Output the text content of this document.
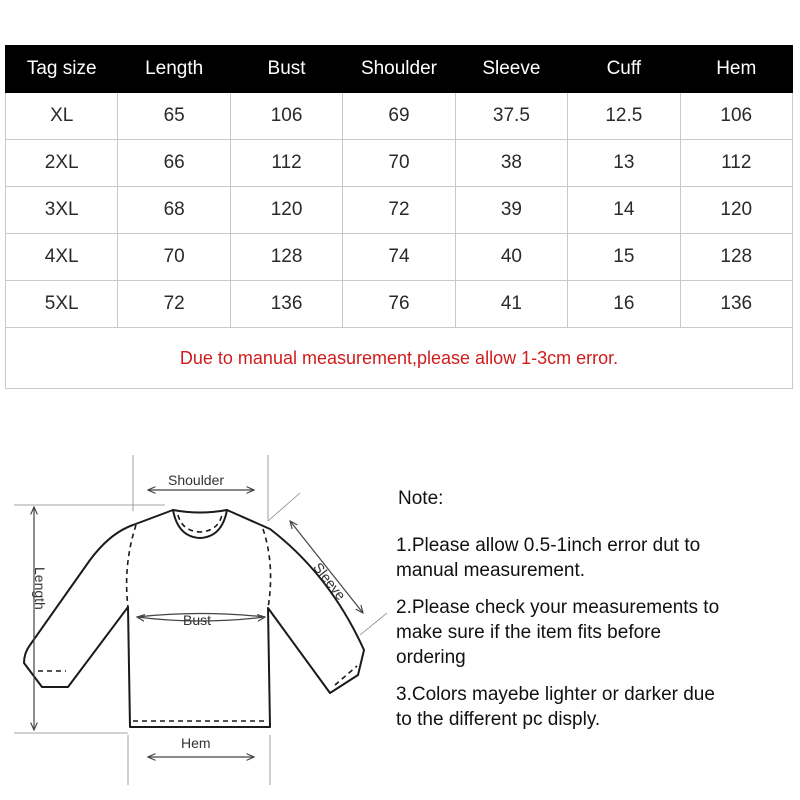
Tag size	Length	Bust	Shoulder	Sleeve	Cuff	Hem
XL	65	106	69	37.5	12.5	106
2XL	66	112	70	38	13	112
3XL	68	120	72	39	14	120
4XL	70	128	74	40	15	128
5XL	72	136	76	41	16	136
Due to manual measurement,please allow 1-3cm error.						
Shoulder
Length	Sleeve
Bust
Hem
Note:
1.Please allow 0.5-1inch error dut to
manual measurement.
2.Please check your measurements to
make sure if the item fits before
ordering
3.Colors mayebe lighter or darker due
to the different pc disply.
